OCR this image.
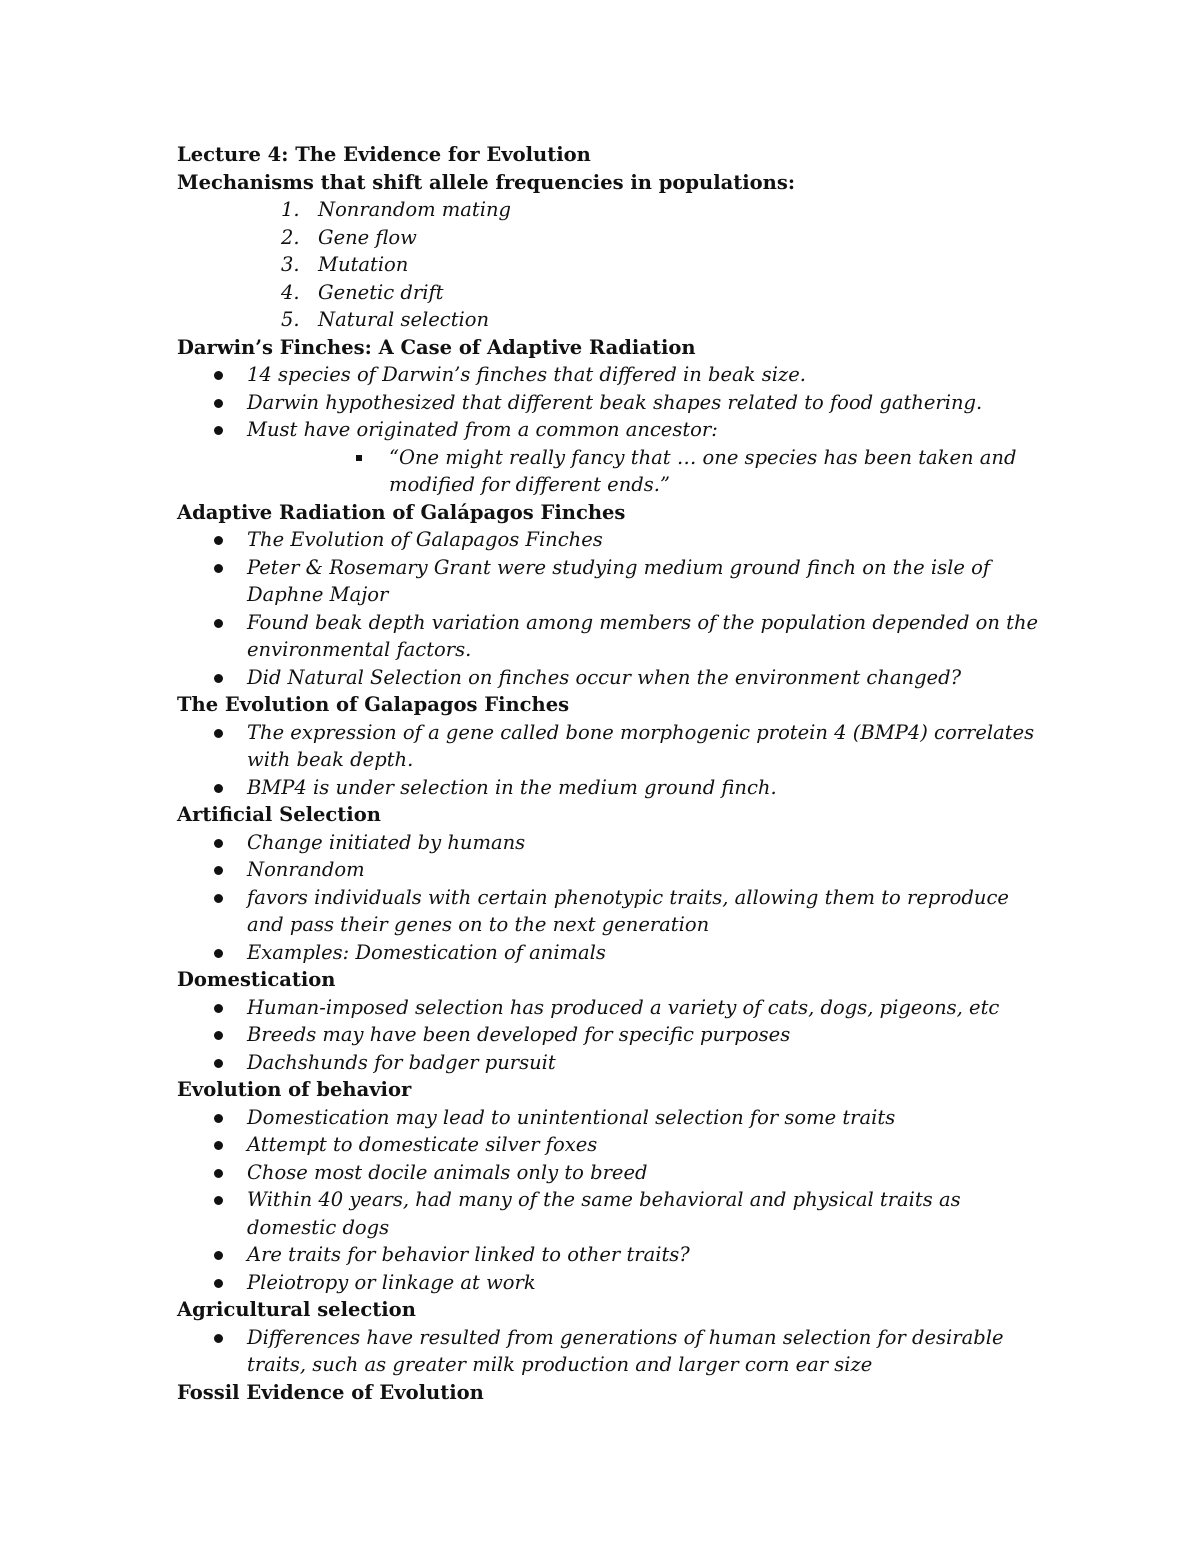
Lecture 4: The Evidence for Evolution
Mechanisms that shift allele frequencies in populations:
1. Nonrandom mating
2. Gene flow
3. Mutation
4. Genetic drift
5. Natural selection
Darwin’s Finches: A Case of Adaptive Radiation
14 species of Darwin’s finches that differed in beak size.
Darwin hypothesized that different beak shapes related to food gathering.
Must have originated from a common ancestor:
“One might really fancy that … one species has been taken and
modified for different ends.”
Adaptive Radiation of Galápagos Finches
The Evolution of Galapagos Finches
Peter & Rosemary Grant were studying medium ground finch on the isle of
Daphne Major
Found beak depth variation among members of the population depended on the
environmental factors.
Did Natural Selection on finches occur when the environment changed?
The Evolution of Galapagos Finches
The expression of a gene called bone morphogenic protein 4 (BMP4) correlates
with beak depth.
BMP4 is under selection in the medium ground finch.
Artificial Selection
Change initiated by humans
Nonrandom
favors individuals with certain phenotypic traits, allowing them to reproduce
and pass their genes on to the next generation
Examples: Domestication of animals
Domestication
Human-imposed selection has produced a variety of cats, dogs, pigeons, etc
Breeds may have been developed for specific purposes
Dachshunds for badger pursuit
Evolution of behavior
Domestication may lead to unintentional selection for some traits
Attempt to domesticate silver foxes
Chose most docile animals only to breed
Within 40 years, had many of the same behavioral and physical traits as
domestic dogs
Are traits for behavior linked to other traits?
Pleiotropy or linkage at work
Agricultural selection
Differences have resulted from generations of human selection for desirable
traits, such as greater milk production and larger corn ear size
Fossil Evidence of Evolution
